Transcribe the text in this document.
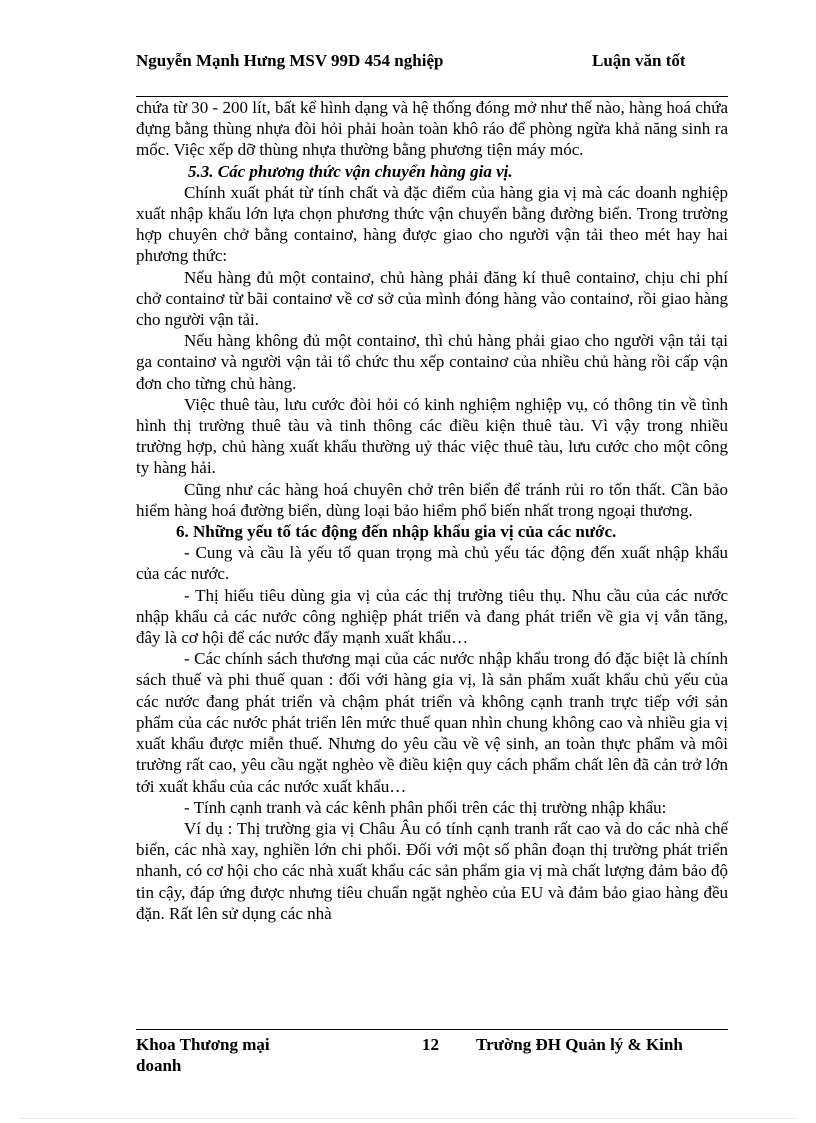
Nguyễn Mạnh Hưng MSV 99D 454 nghiệp	Luận văn tốt

chứa từ 30 - 200 lít, bất kể hình dạng và hệ thống đóng mở như thế nào, hàng hoá chứa đựng bằng thùng nhựa đòi hỏi phải hoàn toàn khô ráo để phòng ngừa khả năng sinh ra mốc. Việc xếp dỡ thùng nhựa thường bằng phương tiện máy móc.

5.3. Các phương thức vận chuyển hàng gia vị.

Chính xuất phát từ tính chất và đặc điểm của hàng gia vị mà các doanh nghiệp xuất nhập khẩu lớn lựa chọn phương thức vận chuyển bằng đường biển. Trong trường hợp chuyên chở bằng containơ, hàng được giao cho người vận tải theo mét hay hai phương thức:

Nếu hàng đủ một containơ, chủ hàng phải đăng kí thuê containơ, chịu chi phí chở containơ từ bãi containơ về cơ sở của mình đóng hàng vào containơ, rồi giao hàng cho người vận tải.

Nếu hàng không đủ một containơ, thì chủ hàng phải giao cho người vận tải tại ga containơ và người vận tải tổ chức thu xếp containơ của nhiều chủ hàng rồi cấp vận đơn cho từng chủ hàng.

Việc thuê tàu, lưu cước đòi hỏi có kinh nghiệm nghiệp vụ, có thông tin về tình hình thị trường thuê tàu và tinh thông các điều kiện thuê tàu. Vì vậy trong nhiều trường hợp, chủ hàng xuất khẩu thường uỷ thác việc thuê tàu, lưu cước cho một công ty hàng hải.

Cũng như các hàng hoá chuyên chở trên biển để tránh rủi ro tổn thất. Cần bảo hiểm hàng hoá đường biển, dùng loại bảo hiểm phổ biến nhất trong ngoại thương.

6. Những yếu tố tác động đến nhập khẩu gia vị của các nước.

- Cung và cầu là yếu tố quan trọng mà chủ yếu tác động đến xuất nhập khẩu của các nước.

- Thị hiếu tiêu dùng gia vị của các thị trường tiêu thụ. Nhu cầu của các nước nhập khẩu cả các nước công nghiệp phát triển và đang phát triển về gia vị vẫn tăng, đây là cơ hội để các nước đẩy mạnh xuất khẩu…

- Các chính sách thương mại của các nước nhập khẩu trong đó đặc biệt là chính sách thuế và phi thuế quan : đối với hàng gia vị, là sản phẩm xuất khẩu chủ yếu của các nước đang phát triển và chậm phát triển và không cạnh tranh trực tiếp với sản phẩm của các nước phát triển lên mức thuế quan nhìn chung không cao và nhiều gia vị xuất khẩu được miễn thuế. Nhưng do yêu cầu về vệ sinh, an toàn thực phẩm và môi trường rất cao, yêu cầu ngặt nghèo về điều kiện quy cách phẩm chất lên đã cản trở lớn tới xuất khẩu của các nước xuất khẩu…

- Tính cạnh tranh và các kênh phân phối trên các thị trường nhập khẩu:

Ví dụ : Thị trường gia vị Châu Âu có tính cạnh tranh rất cao và do các nhà chế biến, các nhà xay, nghiền lớn chi phối. Đối với một số phân đoạn thị trường phát triển nhanh, có cơ hội cho các nhà xuất khẩu các sản phẩm gia vị mà chất lượng đảm bảo độ tin cậy, đáp ứng được nhưng tiêu chuẩn ngặt nghèo của EU và đảm bảo giao hàng đều đặn. Rất lên sử dụng các nhà

Khoa Thương mại doanh
12 Trường ĐH Quản lý & Kinh
